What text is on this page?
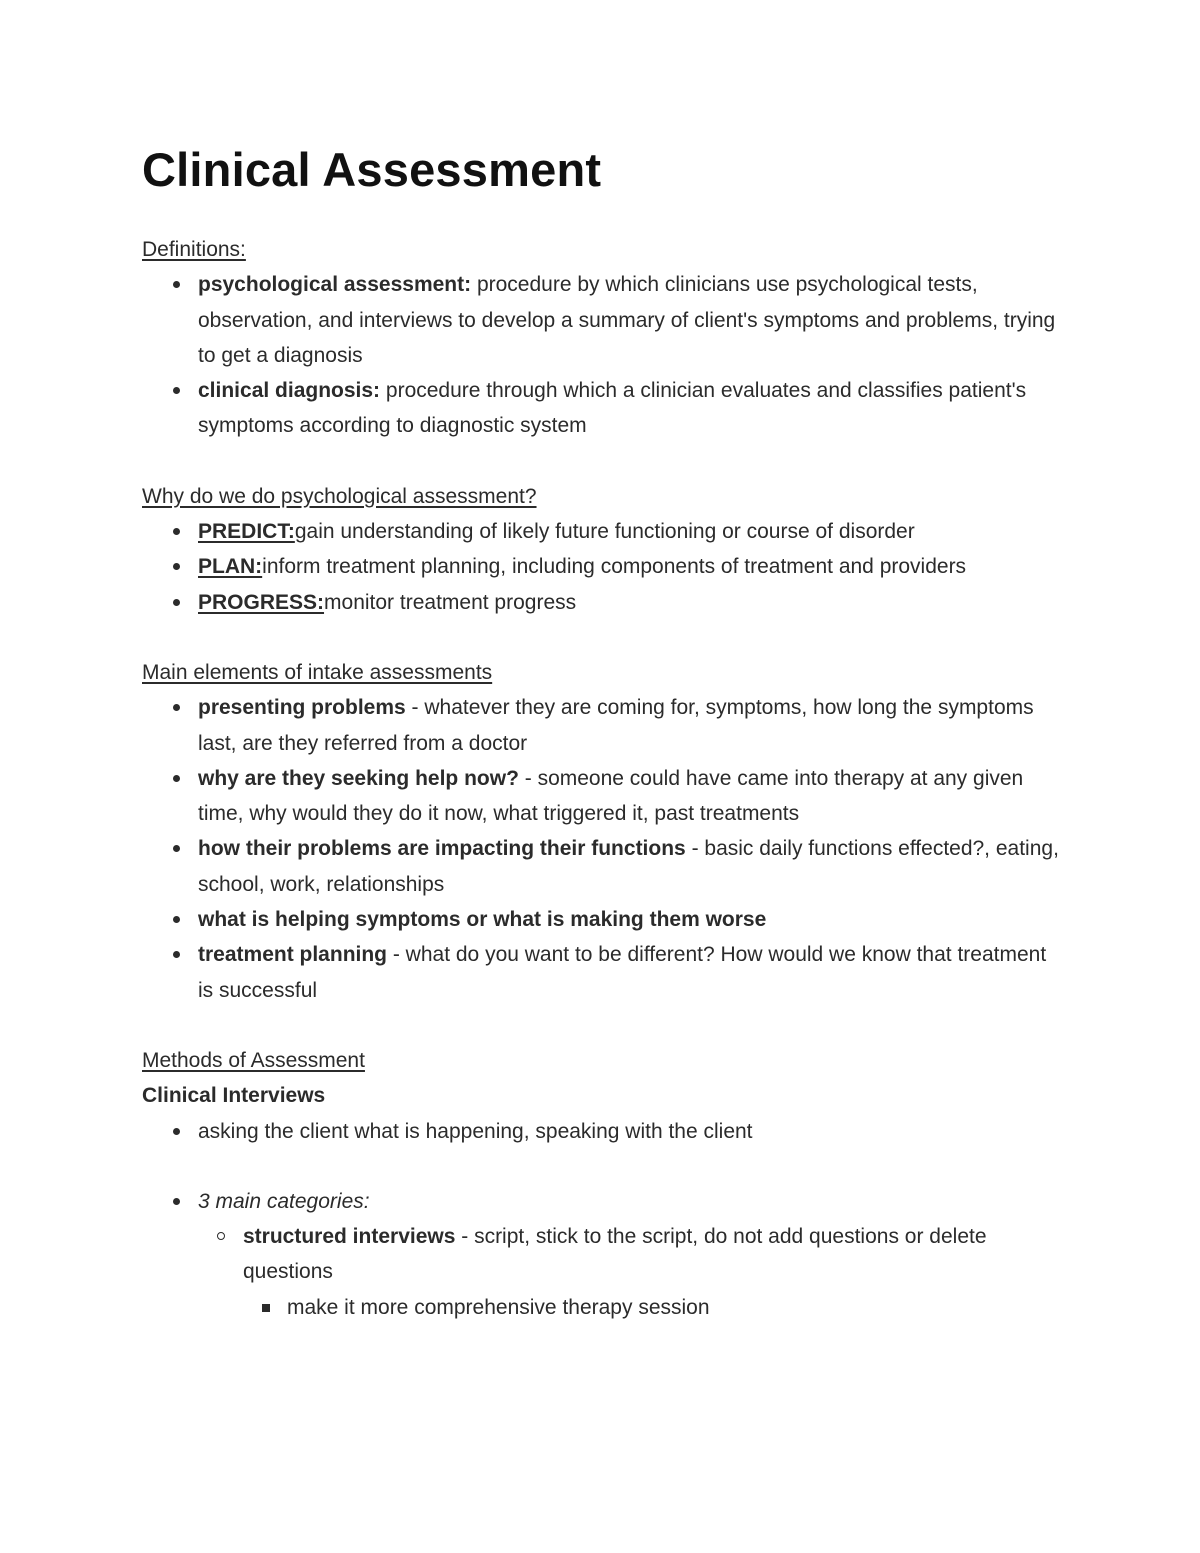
Clinical Assessment
Definitions:
psychological assessment: procedure by which clinicians use psychological tests, observation, and interviews to develop a summary of client's symptoms and problems, trying to get a diagnosis
clinical diagnosis: procedure through which a clinician evaluates and classifies patient's symptoms according to diagnostic system
Why do we do psychological assessment?
PREDICT:gain understanding of likely future functioning or course of disorder
PLAN:inform treatment planning, including components of treatment and providers
PROGRESS:monitor treatment progress
Main elements of intake assessments
presenting problems - whatever they are coming for, symptoms, how long the symptoms last, are they referred from a doctor
why are they seeking help now? - someone could have came into therapy at any given time, why would they do it now, what triggered it, past treatments
how their problems are impacting their functions - basic daily functions effected?, eating, school, work, relationships
what is helping symptoms or what is making them worse
treatment planning - what do you want to be different? How would we know that treatment is successful
Methods of Assessment
Clinical Interviews
asking the client what is happening, speaking with the client
3 main categories:
structured interviews - script, stick to the script, do not add questions or delete questions
make it more comprehensive therapy session
